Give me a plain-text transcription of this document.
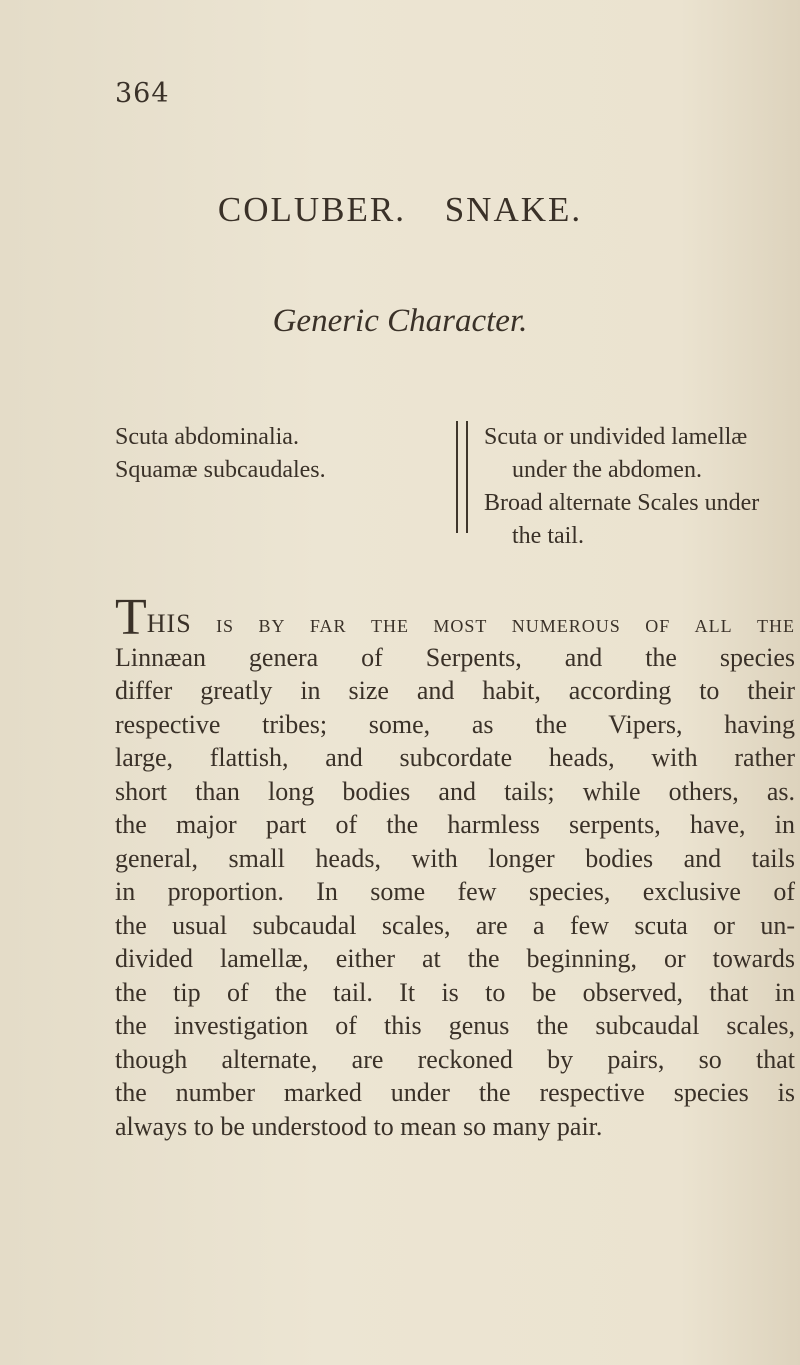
364
COLUBER. SNAKE.
Generic Character.
Scuta abdominalia.
Squamæ subcaudales.
Scuta or undivided lamellæ
under the abdomen.
Broad alternate Scales under
the tail.
THIS is by far the most numerous of all the
Linnæan genera of Serpents, and the species
differ greatly in size and habit, according to their
respective tribes; some, as the Vipers, having
large, flattish, and subcordate heads, with rather
short than long bodies and tails; while others, as.
the major part of the harmless serpents, have, in
general, small heads, with longer bodies and tails
in proportion. In some few species, exclusive of
the usual subcaudal scales, are a few scuta or un-
divided lamellæ, either at the beginning, or towards
the tip of the tail. It is to be observed, that in
the investigation of this genus the subcaudal scales,
though alternate, are reckoned by pairs, so that
the number marked under the respective species is
always to be understood to mean so many pair.
